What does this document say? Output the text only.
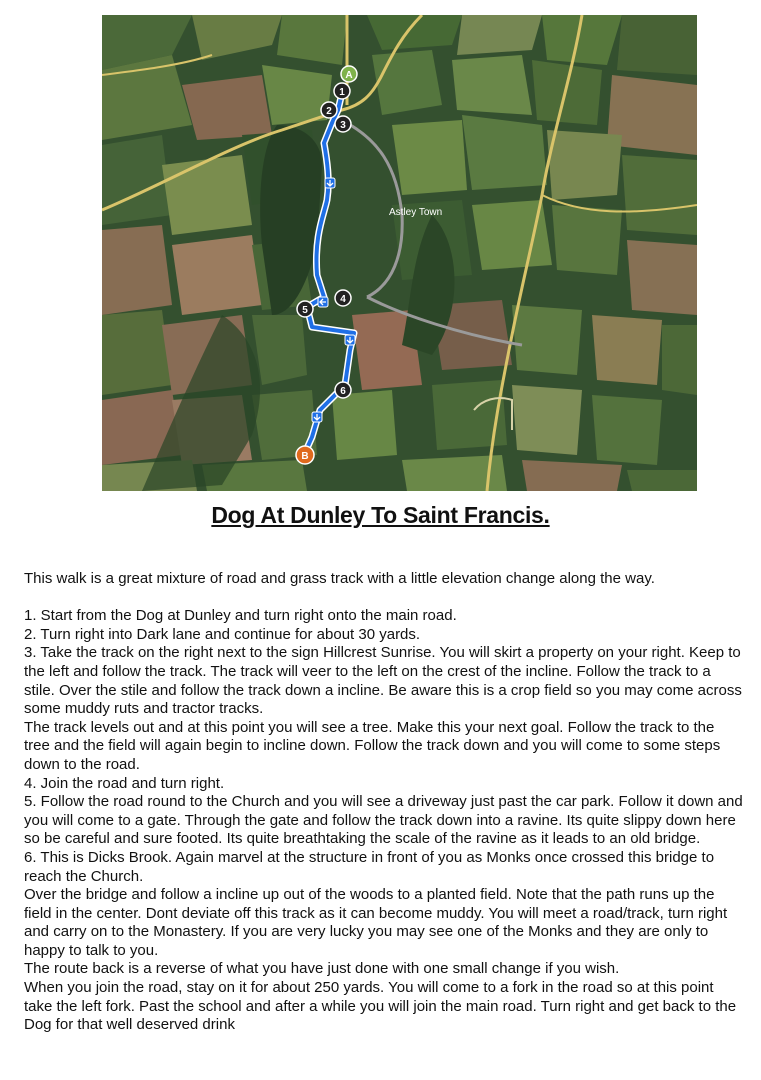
Astley Town
A
1
2
3
4
5
6
B
Dog At Dunley To Saint Francis.

This walk is a great mixture of road and grass track with a little elevation change along the way.

1. Start from the Dog at Dunley and turn right onto the main road.

2. Turn right into Dark lane and continue for about 30 yards.

3. Take the track on the right next to the sign Hillcrest Sunrise. You will skirt a property on your right. Keep to the left and follow the track. The track will veer to the left on the crest of the incline. Follow the track to a stile. Over the stile and follow the track down a incline. Be aware this is a crop field so you may come across some muddy ruts and tractor tracks.

The track levels out and at this point you will see a tree. Make this your next goal. Follow the track to the tree and the field will again begin to incline down. Follow the track down and you will come to some steps down to the road.

4. Join the road and turn right.

5. Follow the road round to the Church and you will see a driveway just past the car park. Follow it down and you will come to a gate. Through the gate and follow the track down into a ravine. Its quite slippy down here so be careful and sure footed. Its quite breathtaking the scale of the ravine as it leads to an old bridge.

6. This is Dicks Brook. Again marvel at the structure in front of you as Monks once crossed this bridge to reach the Church.

Over the bridge and follow a incline up out of the woods to a planted field. Note that the path runs up the field in the center. Dont deviate off this track as it can become muddy. You will meet a road/track, turn right and carry on to the Monastery. If you are very lucky you may see one of the Monks and they are only to happy to talk to you.

The route back is a reverse of what you have just done with one small change if you wish.

When you join the road, stay on it for about 250 yards. You will come to a fork in the road so at this point take the left fork. Past the school and after a while you will join the main road. Turn right and get back to the Dog for that well deserved drink
